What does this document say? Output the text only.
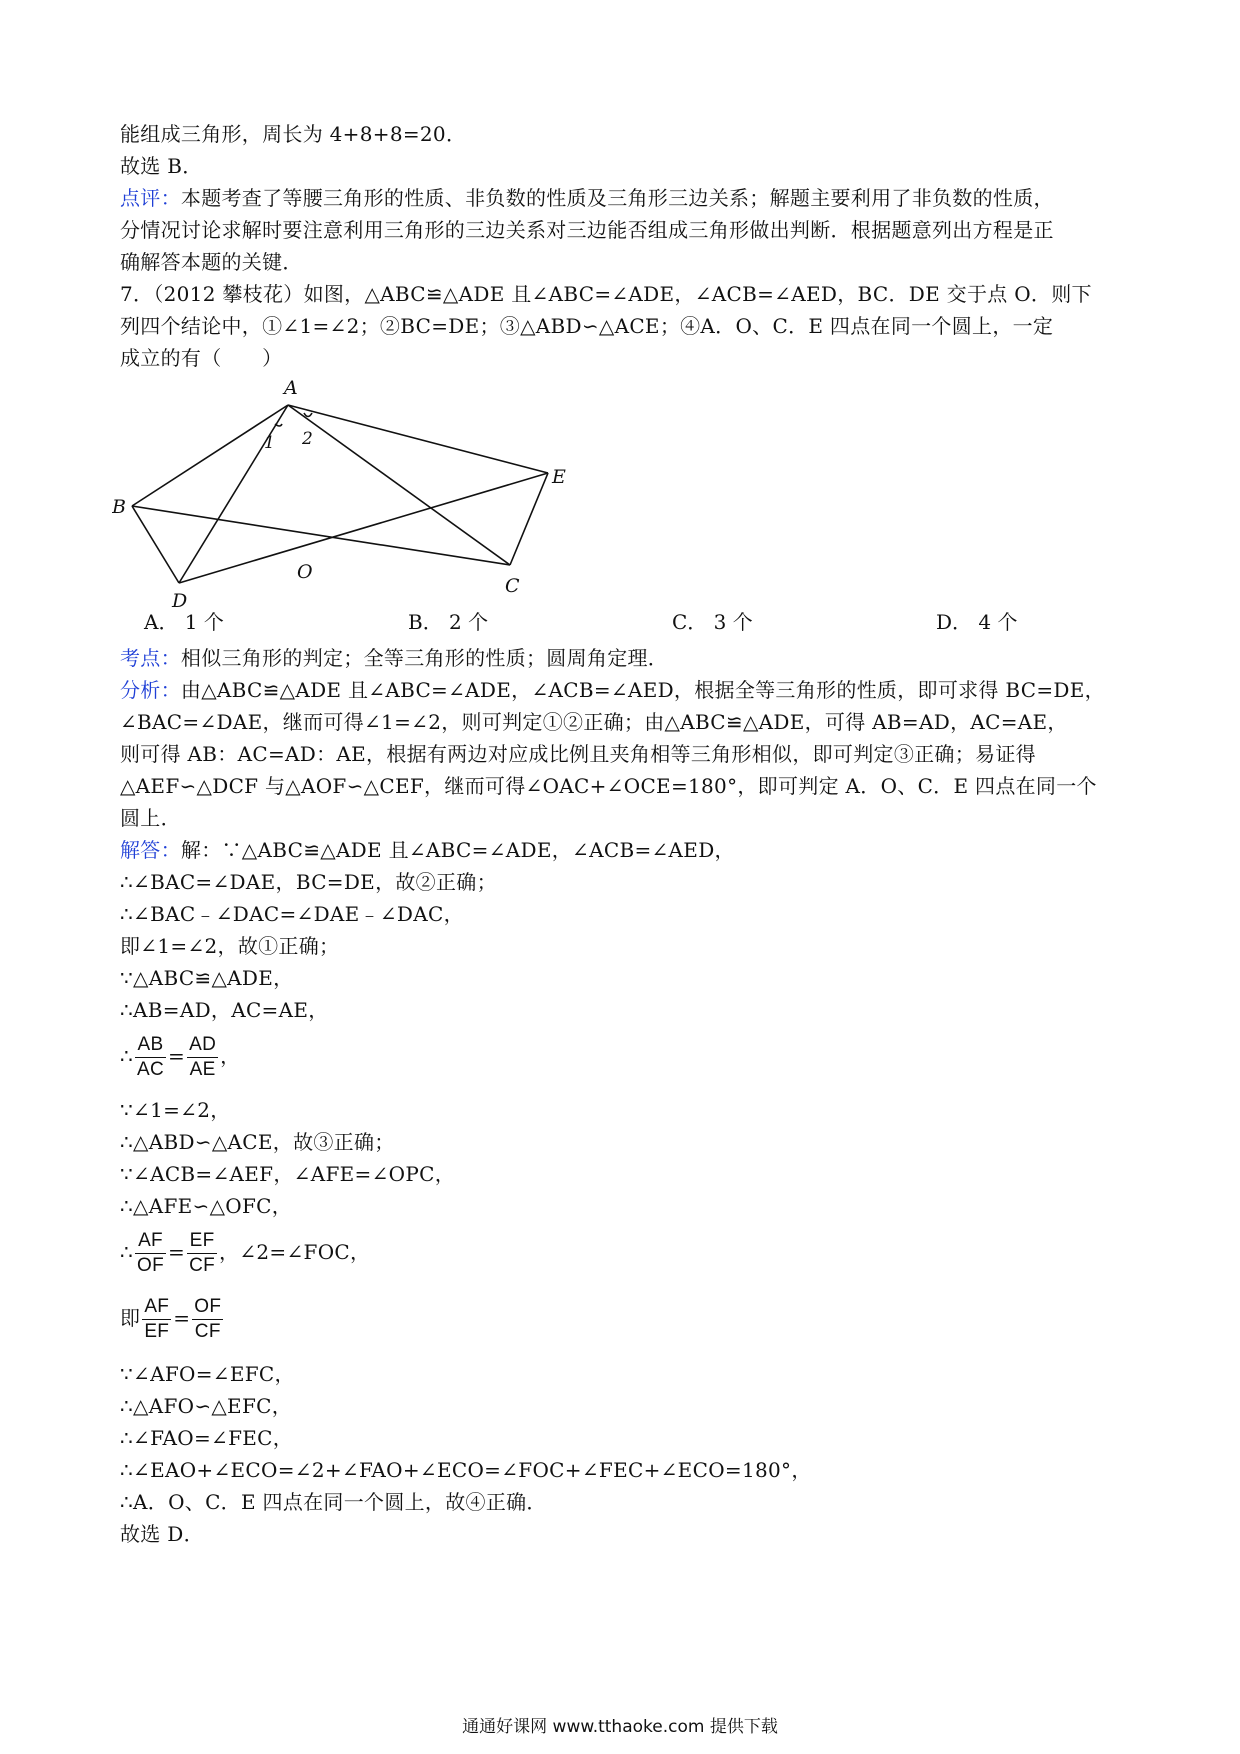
能组成三角形，周长为 4+8+8=20．
故选 B．
点评：本题考查了等腰三角形的性质、非负数的性质及三角形三边关系；解题主要利用了非负数的性质，
分情况讨论求解时要注意利用三角形的三边关系对三边能否组成三角形做出判断．根据题意列出方程是正
确解答本题的关键．
7．（2012 攀枝花）如图，△ABC≌△ADE 且∠ABC=∠ADE，∠ACB=∠AED，BC．DE 交于点 O．则下
列四个结论中，①∠1=∠2；②BC=DE；③△ABD∽△ACE；④A．O、C．E 四点在同一个圆上，一定
成立的有（　　）
A
B
C
D
E
O
1 2
A． 1 个	B． 2 个	C． 3 个	D． 4 个
考点：相似三角形的判定；全等三角形的性质；圆周角定理．
分析：由△ABC≌△ADE 且∠ABC=∠ADE，∠ACB=∠AED，根据全等三角形的性质，即可求得 BC=DE，
∠BAC=∠DAE，继而可得∠1=∠2，则可判定①②正确；由△ABC≌△ADE，可得 AB=AD，AC=AE，
则可得 AB：AC=AD：AE，根据有两边对应成比例且夹角相等三角形相似，即可判定③正确；易证得
△AEF∽△DCF 与△AOF∽△CEF，继而可得∠OAC+∠OCE=180°，即可判定 A．O、C．E 四点在同一个
圆上．
解答：解：∵△ABC≌△ADE 且∠ABC=∠ADE，∠ACB=∠AED，
∴∠BAC=∠DAE，BC=DE，故②正确；
∴∠BAC﹣∠DAC=∠DAE﹣∠DAC，
即∠1=∠2，故①正确；
∵△ABC≌△ADE，
∴AB=AD，AC=AE，
∴ $\frac{AB}{AC} = \frac{AD}{AE}$ ，
∵∠1=∠2，
∴△ABD∽△ACE，故③正确；
∵∠ACB=∠AEF，∠AFE=∠OPC，
∴△AFE∽△OFC，
∴ $\frac{AF}{OF} = \frac{EF}{CF}$ ，∠2=∠FOC，
即 $\frac{AF}{EF} = \frac{OF}{CF}$
∵∠AFO=∠EFC，
∴△AFO∽△EFC，
∴∠FAO=∠FEC，
∴∠EAO+∠ECO=∠2+∠FAO+∠ECO=∠FOC+∠FEC+∠ECO=180°，
∴A．O、C．E 四点在同一个圆上，故④正确．
故选 D．
通通好课网 www.tthaoke.com 提供下载
